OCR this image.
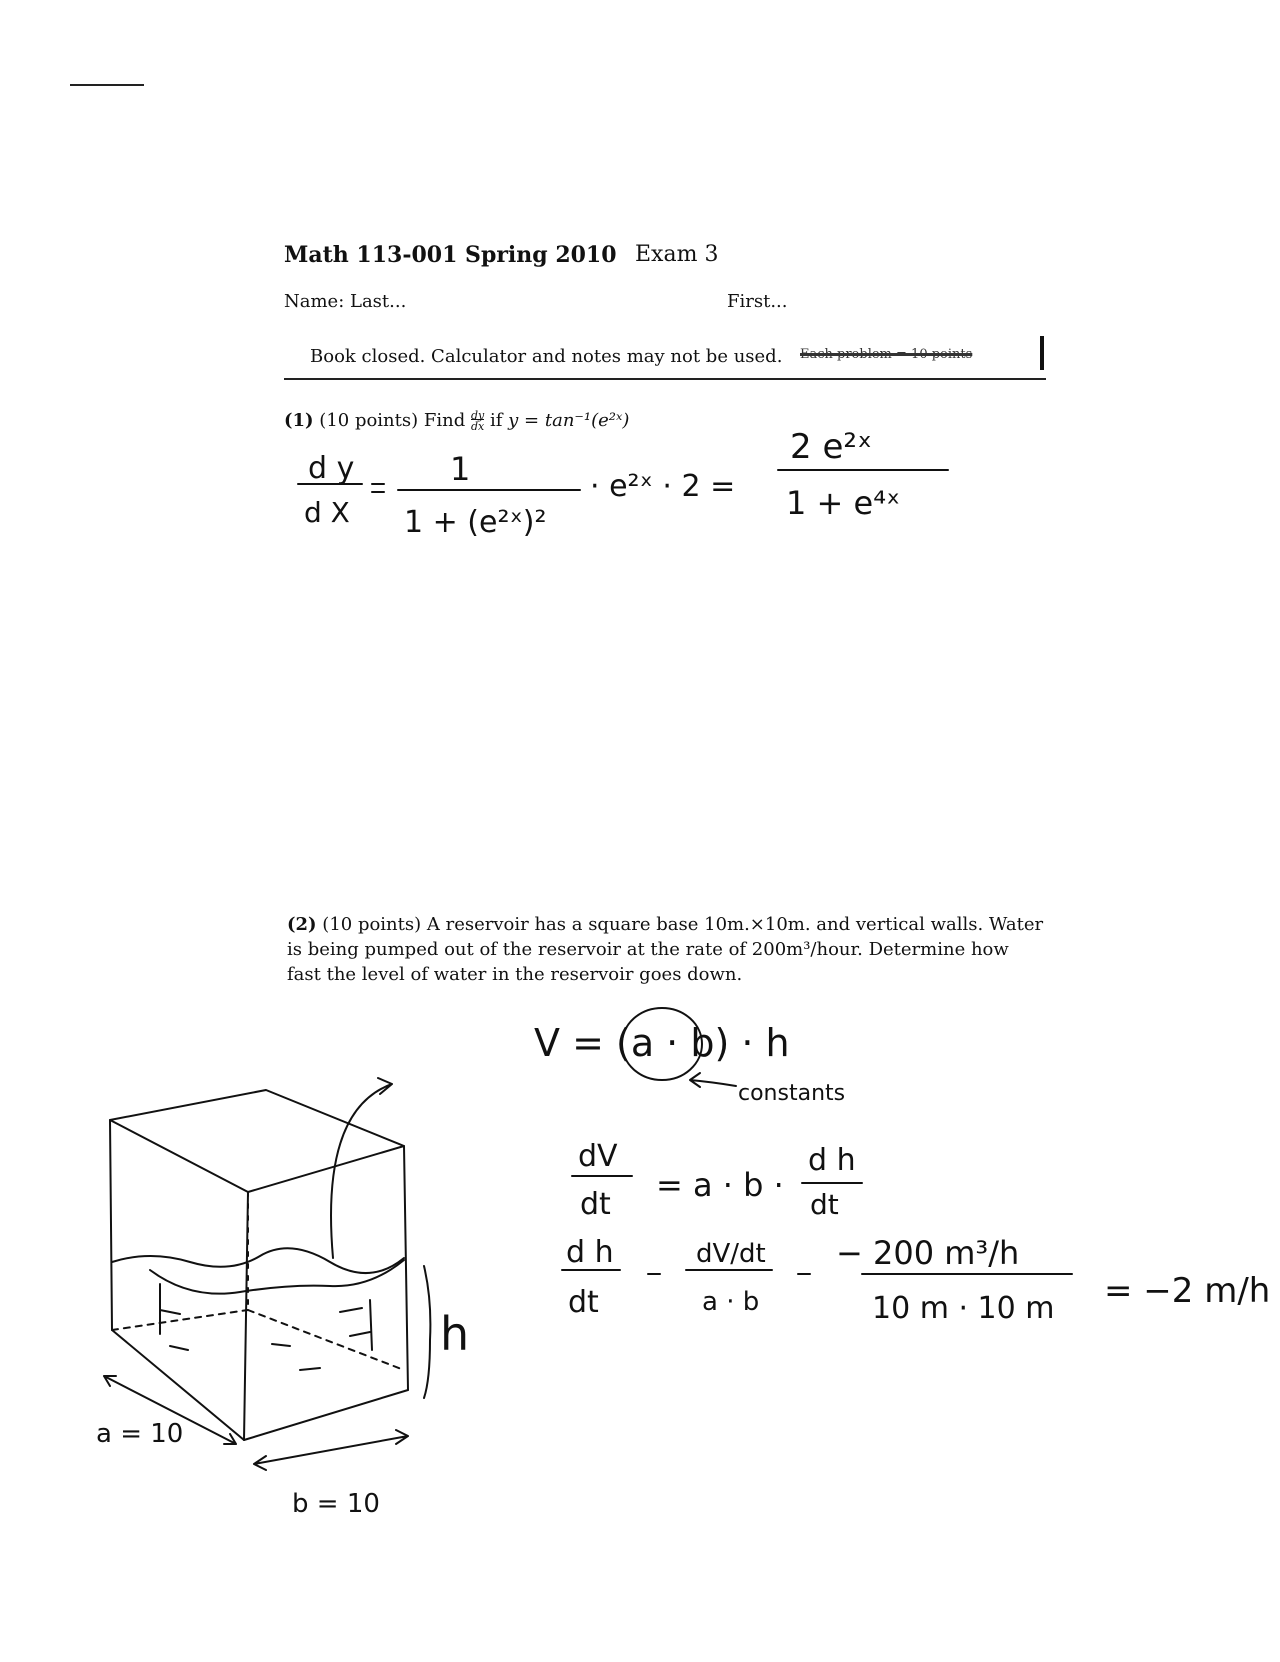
Math 113-001 Spring 2010 Exam 3
Name: Last...	First...
Book closed. Calculator and notes may not be used. Each problem = 10 points
(1) (10 points) Find $\frac{dy}{dx}$ if y = tan⁻¹(e²ˣ)
(2) (10 points) A reservoir has a square base 10m.×10m. and vertical walls. Water is being pumped out of the reservoir at the rate of 200m³/hour. Determine how fast the level of water in the reservoir goes down.
d y
d X
1
1 + (e²ˣ)²
· e²ˣ · 2 =
2 e²ˣ
1 + e⁴ˣ
V = (a · b) · h
constants
dV
dt
= a · b ·
d h
dt
d h
dt
dV/dt
a · b
− 200 m³/h
10 m · 10 m = −2 m/h
a = 10
b = 10
h
